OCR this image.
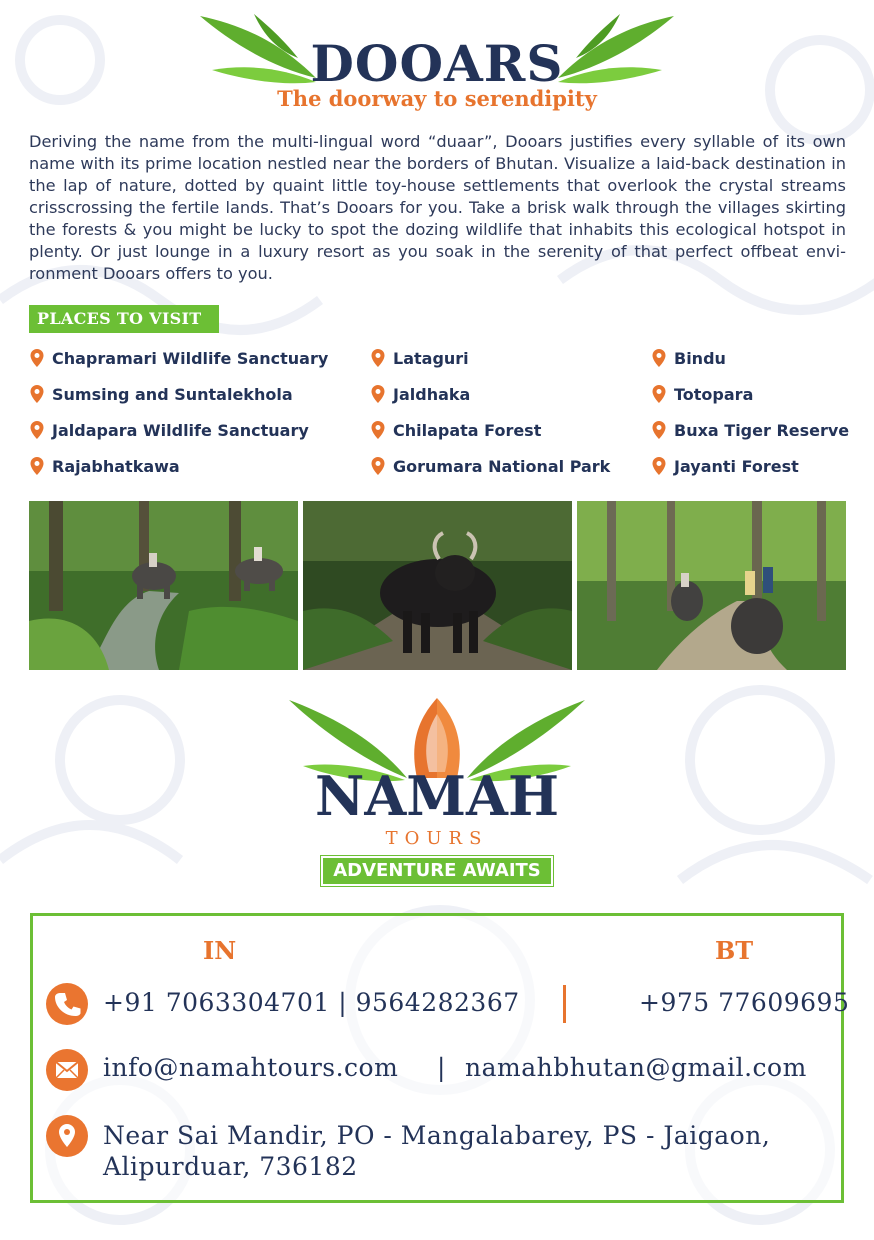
DOOARS
The doorway to serendipity

Deriving the name from the multi-lingual word “duaar”, Dooars justifies every syllable of its own name with its prime location nestled near the borders of Bhutan. Visualize a laid-back destination in the lap of nature, dotted by quaint little toy-house settlements that overlook the crystal streams crisscrossing the fertile lands. That’s Dooars for you. Take a brisk walk through the villages skirting the forests & you might be lucky to spot the dozing wildlife that inhabits this ecological hotspot in plenty. Or just lounge in a luxury resort as you soak in the serenity of that perfect offbeat envi-ronment Dooars offers to you.

PLACES TO VISIT
Chapramari Wildlife Sanctuary
Sumsing and Suntalekhola
Jaldapara Wildlife Sanctuary
Rajabhatkawa
Lataguri
Jaldhaka
Chilapata Forest
Gorumara National Park
Bindu
Totopara
Buxa Tiger Reserve
Jayanti Forest
NAMAH
TOURS
ADVENTURE AWAITS
IN	BT
+91 7063304701 | 9564282367	+975 77609695
info@namahtours.com | namahbhutan@gmail.com
Near Sai Mandir, PO - Mangalabarey, PS - Jaigaon,
Alipurduar, 736182
